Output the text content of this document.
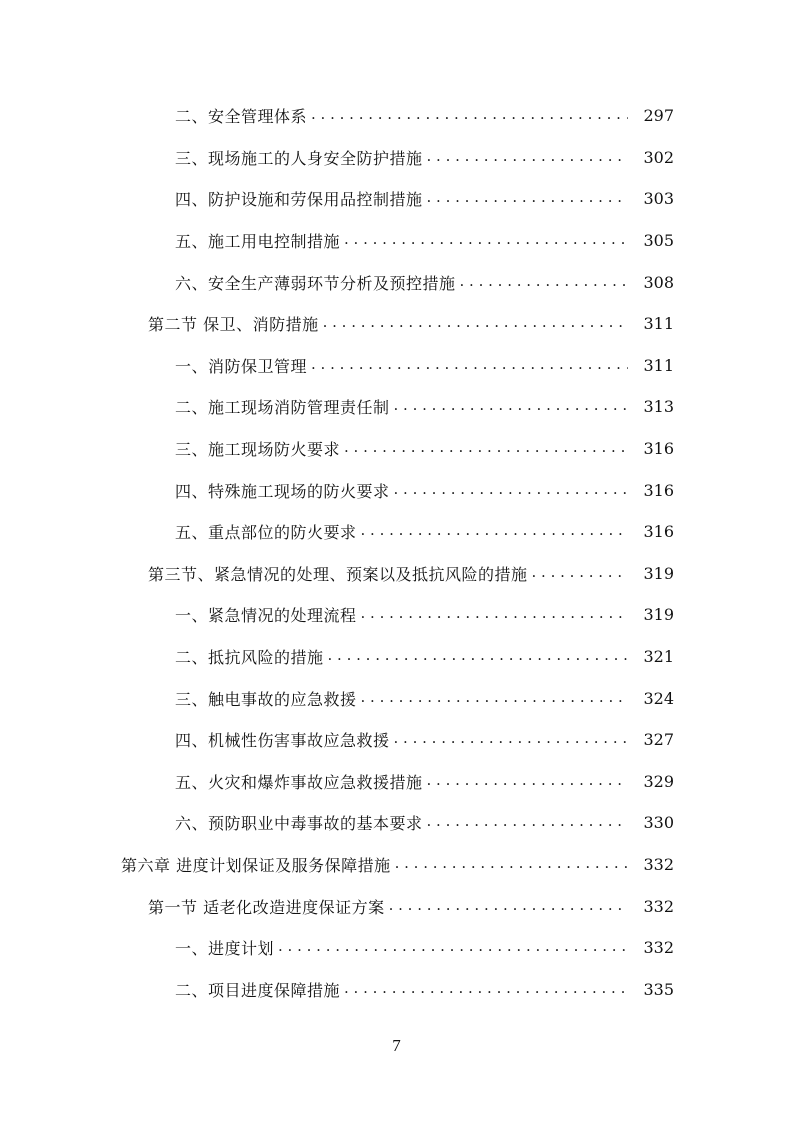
二、安全管理体系 . . .	297
三、现场施工的人身安全防护措施 . . .	302
四、防护设施和劳保用品控制措施 . . .	303
五、施工用电控制措施 . . .	305
六、安全生产薄弱环节分析及预控措施 . . .	308
第二节 保卫、消防措施 . . .	311
一、消防保卫管理 . . .	311
二、施工现场消防管理责任制 . . .	313
三、施工现场防火要求 . . .	316
四、特殊施工现场的防火要求 . . .	316
五、重点部位的防火要求 . . .	316
第三节、紧急情况的处理、预案以及抵抗风险的措施 . . .	319
一、紧急情况的处理流程 . . .	319
二、抵抗风险的措施 . . .	321
三、触电事故的应急救援 . . .	324
四、机械性伤害事故应急救援 . . .	327
五、火灾和爆炸事故应急救援措施 . . .	329
六、预防职业中毒事故的基本要求 . . .	330
第六章 进度计划保证及服务保障措施 . . .	332
第一节 适老化改造进度保证方案 . . .	332
一、进度计划 . . .	332
二、项目进度保障措施 . . .	335
7
